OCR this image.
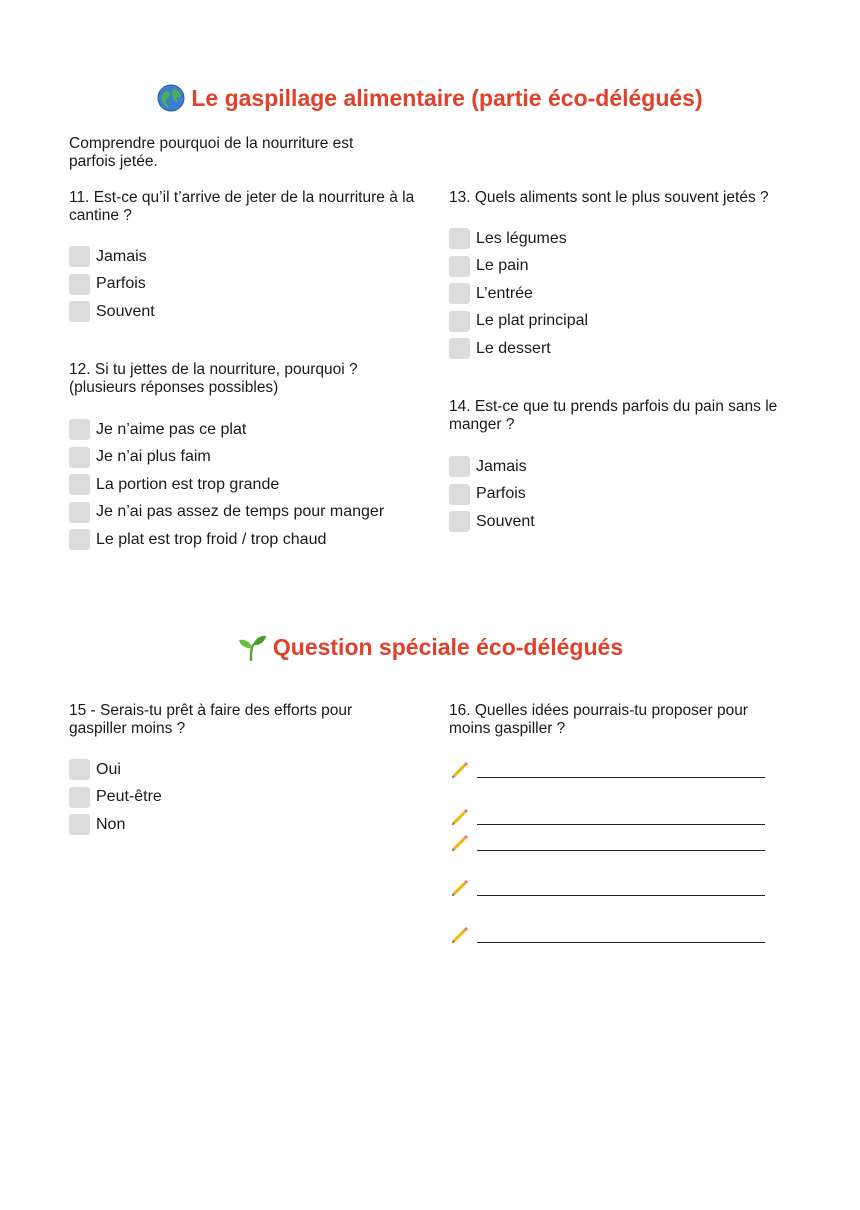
Le gaspillage alimentaire (partie éco-délégués)
Comprendre pourquoi de la nourriture est parfois jetée.
11. Est-ce qu’il t’arrive de jeter de la nourriture à la cantine ?
Jamais
Parfois
Souvent
12. Si tu jettes de la nourriture, pourquoi ? (plusieurs réponses possibles)
Je n’aime pas ce plat
Je n’ai plus faim
La portion est trop grande
Je n’ai pas assez de temps pour manger
Le plat est trop froid / trop chaud
13. Quels aliments sont le plus souvent jetés ?
Les légumes
Le pain
L’entrée
Le plat principal
Le dessert
14. Est-ce que tu prends parfois du pain sans le manger ?
Jamais
Parfois
Souvent
Question spéciale éco-délégués
15 - Serais-tu prêt à faire des efforts pour gaspiller moins ?
Oui
Peut-être
Non
16. Quelles idées pourrais-tu proposer pour moins gaspiller ?
